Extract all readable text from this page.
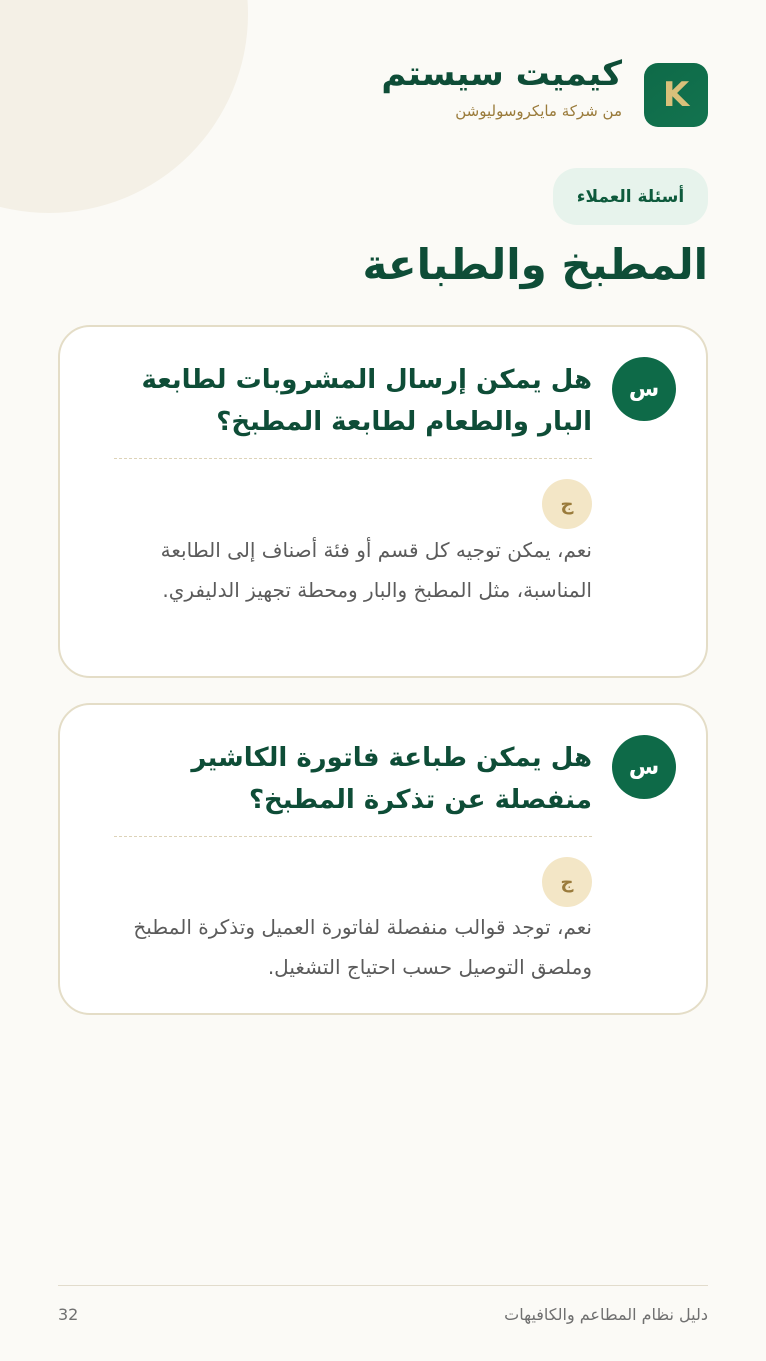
K
كيميت سيستم
من شركة مايكروسوليوشن
أسئلة العملاء
المطبخ والطباعة
س
هل يمكن إرسال المشروبات لطابعة البار والطعام لطابعة المطبخ؟
ج
نعم، يمكن توجيه كل قسم أو فئة أصناف إلى الطابعة المناسبة، مثل المطبخ والبار ومحطة تجهيز الدليفري.
س
هل يمكن طباعة فاتورة الكاشير منفصلة عن تذكرة المطبخ؟
ج
نعم، توجد قوالب منفصلة لفاتورة العميل وتذكرة المطبخ وملصق التوصيل حسب احتياج التشغيل.
دليل نظام المطاعم والكافيهات
32
